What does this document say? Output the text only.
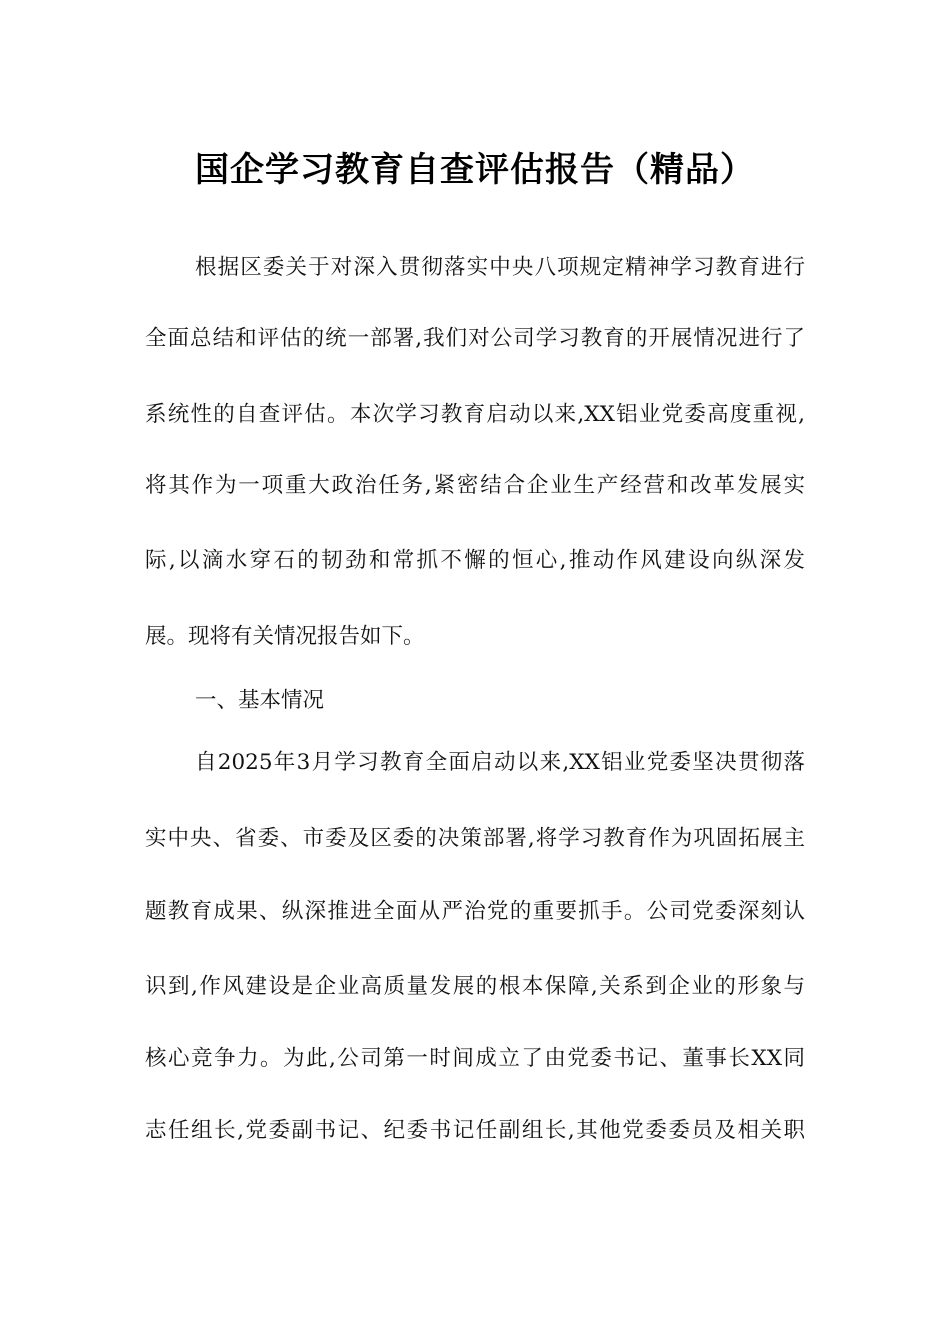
国企学习教育自查评估报告（精品）

根据区委关于对深入贯彻落实中央八项规定精神学习教育进行

全面总结和评估的统一部署,我们对公司学习教育的开展情况进行了

系统性的自查评估。本次学习教育启动以来,XX铝业党委高度重视,

将其作为一项重大政治任务,紧密结合企业生产经营和改革发展实

际,以滴水穿石的韧劲和常抓不懈的恒心,推动作风建设向纵深发

展。现将有关情况报告如下。

一、基本情况

自2025年3月学习教育全面启动以来,XX铝业党委坚决贯彻落

实中央、省委、市委及区委的决策部署,将学习教育作为巩固拓展主

题教育成果、纵深推进全面从严治党的重要抓手。公司党委深刻认

识到,作风建设是企业高质量发展的根本保障,关系到企业的形象与

核心竞争力。为此,公司第一时间成立了由党委书记、董事长XX同

志任组长,党委副书记、纪委书记任副组长,其他党委委员及相关职
